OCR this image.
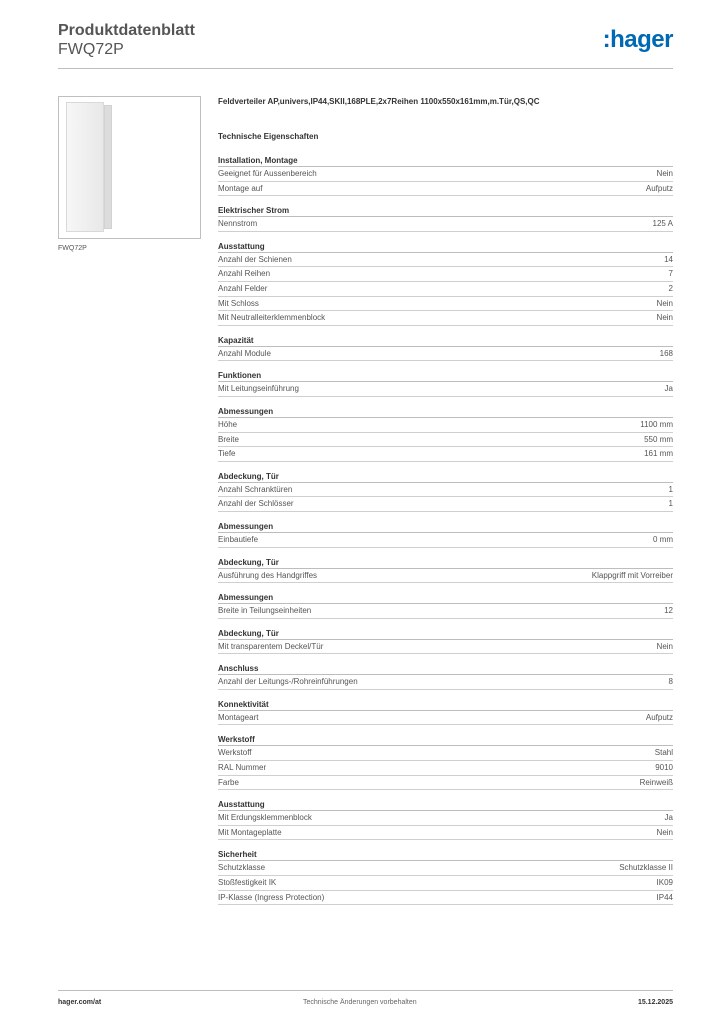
Produktdatenblatt
FWQ72P	:hager
FWQ72P
Feldverteiler AP,univers,IP44,SKII,168PLE,2x7Reihen 1100x550x161mm,m.Tür,QS,QC
Technische Eigenschaften
Installation, Montage
Geeignet für Aussenbereich	Nein
Montage auf	Aufputz
Elektrischer Strom
Nennstrom	125 A
Ausstattung
Anzahl der Schienen	14
Anzahl Reihen	7
Anzahl Felder	2
Mit Schloss	Nein
Mit Neutralleiterklemmenblock	Nein
Kapazität
Anzahl Module	168
Funktionen
Mit Leitungseinführung	Ja
Abmessungen
Höhe	1100 mm
Breite	550 mm
Tiefe	161 mm
Abdeckung, Tür
Anzahl Schranktüren	1
Anzahl der Schlösser	1
Abmessungen
Einbautiefe	0 mm
Abdeckung, Tür
Ausführung des Handgriffes	Klappgriff mit Vorreiber
Abmessungen
Breite in Teilungseinheiten	12
Abdeckung, Tür
Mit transparentem Deckel/Tür	Nein
Anschluss
Anzahl der Leitungs-/Rohreinführungen	8
Konnektivität
Montageart	Aufputz
Werkstoff
Werkstoff	Stahl
RAL Nummer	9010
Farbe	Reinweiß
Ausstattung
Mit Erdungsklemmenblock	Ja
Mit Montageplatte	Nein
Sicherheit
Schutzklasse	Schutzklasse II
Stoßfestigkeit IK	IK09
IP-Klasse (Ingress Protection)	IP44
hager.com/at	Technische Änderungen vorbehalten	15.12.2025
